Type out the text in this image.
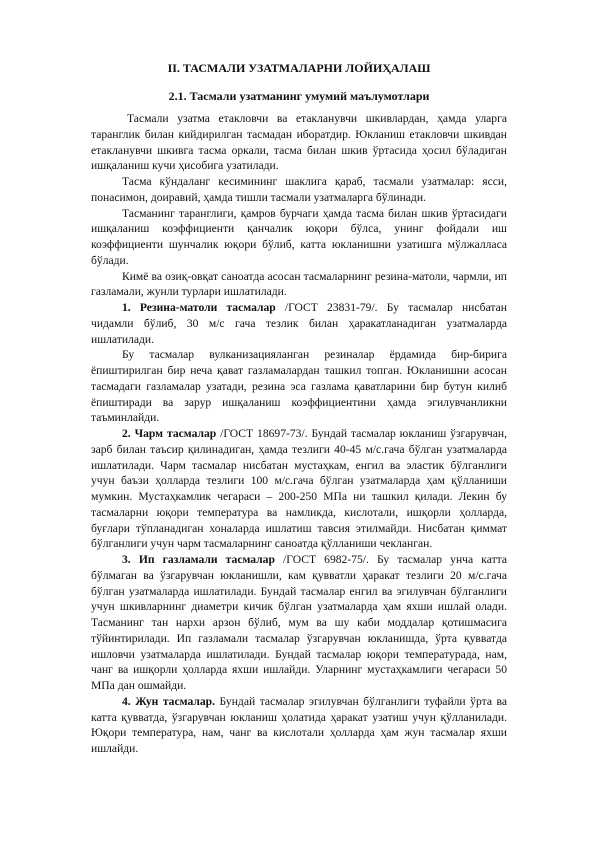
II. ТАСМАЛИ УЗАТМАЛАРНИ ЛОЙИҲАЛАШ
2.1. Тасмали узатманинг умумий маълумотлари

Тасмали узатма етакловчи ва етакланувчи шкивлардан, ҳамда уларга таранглик билан кийдирилган тасмадан иборатдир. Юкланиш етакловчи шкивдан етакланувчи шкивга тасма оркали, тасма билан шкив ўртасида ҳосил бўладиган ишқаланиш кучи ҳисобига узатилади.

Тасма кўндаланг кесимининг шаклига қараб, тасмали узатмалар: ясси, понасимон, доиравий, ҳамда тишли тасмали узатмаларга бўлинади.

Тасманинг таранглиги, қамров бурчаги ҳамда тасма билан шкив ўртасидаги ишқаланиш коэффициенти қанчалик юқори бўлса, унинг фойдали иш коэффициенти шунчалик юқори бўлиб, катта юкланишни узатишга мўлжалласа бўлади.

Кимё ва озиқ-овқат саноатда асосан тасмаларнинг резина-матоли, чармли, ип газламали, жунли турлари ишлатилади.

1. Резина-матоли тасмалар /ГОСТ 23831-79/. Бу тасмалар нисбатан чидамли бўлиб, 30 м/с гача тезлик билан ҳаракатланадиган узатмаларда ишлатилади.

Бу тасмалар вулканизацияланган резиналар ёрдамида бир-бирига ёпиштирилган бир неча қават газламалардан ташкил топган. Юкланишни асосан тасмадаги газламалар узатади, резина эса газлама қаватларини бир бутун килиб ёпиштиради ва зарур ишқаланиш коэффициентини ҳамда эгилувчанликни таъминлайди.

2. Чарм тасмалар /ГОСТ 18697-73/. Бундай тасмалар юкланиш ўзгарувчан, зарб билан таъсир қилинадиган, ҳамда тезлиги 40-45 м/с.гача бўлган узатмаларда ишлатилади. Чарм тасмалар нисбатан мустаҳкам, енгил ва эластик бўлганлиги учун баъзи ҳолларда тезлиги 100 м/с.гача бўлган узатмаларда ҳам қўлланиши мумкин. Мустаҳкамлик чегараси – 200-250 МПа ни ташкил қилади. Лекин бу тасмаларни юқори температура ва намликда, кислотали, ишқорли ҳолларда, буғлари тўпланадиган хоналарда ишлатиш тавсия этилмайди. Нисбатан қиммат бўлганлиги учун чарм тасмаларнинг саноатда қўлланиши чекланган.

3. Ип газламали тасмалар /ГОСТ 6982-75/. Бу тасмалар унча катта бўлмаган ва ўзгарувчан юкланишли, кам қувватли ҳаракат тезлиги 20 м/с.гача бўлган узатмаларда ишлатилади. Бундай тасмалар енгил ва эгилувчан бўлганлиги учун шкивларнинг диаметри кичик бўлган узатмаларда ҳам яхши ишлай олади. Тасманинг тан нархи арзон бўлиб, мум ва шу каби моддалар қотишмасига тўйинтирилади. Ип газламали тасмалар ўзгарувчан юкланишда, ўрта қувватда ишловчи узатмаларда ишлатилади. Бундай тасмалар юқори температурада, нам, чанг ва ишқорли ҳолларда яхши ишлайди. Уларнинг мустаҳкамлиги чегараси 50 МПа дан ошмайди.

4. Жун тасмалар. Бундай тасмалар эгилувчан бўлганлиги туфайли ўрта ва катта қувватда, ўзгарувчан юкланиш ҳолатида ҳаракат узатиш учун қўлланилади. Юқори температура, нам, чанг ва кислотали ҳолларда ҳам жун тасмалар яхши ишлайди.
